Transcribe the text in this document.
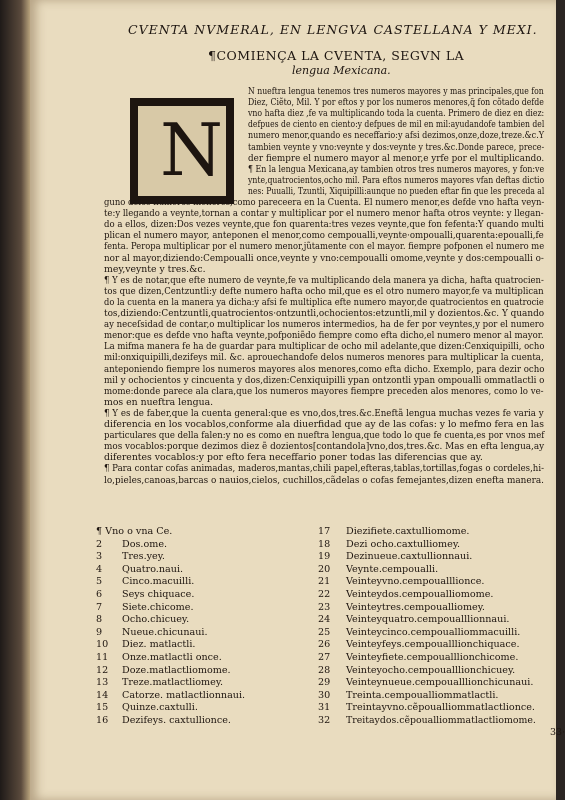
CVENTA NVMERAL, EN LENGVA CASTELLANA Y MEXI.
¶COMIENÇA LA CVENTA, SEGVN LA
lengua Mexicana.
N
N nueftra lengua tenemos tres numeros mayores y mas principales,que fon
Diez, Ciẽto, Mil. Y por eftos y por los numeros menores,q̃ fon cõtado defde
vno hafta diez ,fe va multiplicando toda la cuenta. Primero de diez en diez:
defpues de ciento en ciento:y defpues de mil en mil:ayudandofe tambien del
numero menor,quando es neceffario:y afsi dezimos,onze,doze,treze.&c.Y
tambien veynte y vno:veynte y dos:veynte y tres.&c.Donde parece, prece-
der fiempre el numero mayor al menor,e yrfe por el multiplicando.
¶ En la lengua Mexicana,ay tambien otros tres numeros mayores, y fon:ve
ynte,quatrocientos,ocho mil. Para eftos numeros mayores vfan deftas dictio
nes: Puualli, Tzuntli, Xiquipilli:aunque no pueden eftar fin que les preceda al
guno delos numeros menores,como pareceera en la Cuenta. El numero menor,es defde vno hafta veyn-
te:y llegando a veynte,tornan a contar y multiplicar por el numero menor hafta otros veynte: y llegan-
do a ellos, dizen:Dos vezes veynte,que fon quarenta:tres vezes veynte,que fon fefenta:Y quando multi
plican el numero mayor, anteponen el menor,como cempoualli,veynte·ompoualli,quarenta:epoualli,fe
fenta. Peropa multiplicar por el numero menor,jũtamente con el mayor. fiempre pofponen el numero me
nor al mayor,diziendo:Cempoualli once,veynte y vno:cempoualli omome,veynte y dos:cempoualli o-
mey,veynte y tres.&c.
¶ Y es de notar,que efte numero de veynte,fe va multiplicando dela manera ya dicha, hafta quatrocien-
tos que dizen,Centzuntli:y defte numero hafta ocho mil,que es el otro numero mayor,fe va multiplican
do la cuenta en la manera ya dicha:y afsi fe multiplica efte numero mayor,de quatrocientos en quatrocie
tos,diziendo:Centzuntli,quatrocientos·ontzuntli,ochocientos:etzuntli,mil y dozientos.&c. Y quando
ay neceſsidad de contar,o multiplicar los numeros intermedios, ha de fer por veyntes,y por el numero
menor:que es defde vno hafta veynte,pofponiẽdo fiempre como efta dicho,el numero menor al mayor.
La mifma manera fe ha de guardar para multiplicar de ocho mil adelante,que dizen:Cenxiquipilli, ocho
mil:onxiquipilli,dezifeys mil. &c. aprouechandofe delos numeros menores para multiplicar la cuenta,
anteponiendo fiempre los numeros mayores alos menores,como efta dicho. Exemplo, para dezir ocho
mil y ochocientos y cincuenta y dos,dizen:Cenxiquipilli ypan ontzontli ypan ompoualli ommatlactli o
mome:donde parece ala clara,que los numeros mayores fiempre preceden alos menores, como lo ve-
mos en nueftra lengua.
¶ Y es de faber,que la cuenta general:que es vno,dos,tres.&c.Eneftã lengua muchas vezes fe varia y
diferencia en los vocablos,conforme ala diuerfidad que ay de las cofas: y lo mefmo fera en las
particulares que della falen:y no es como en nueftra lengua,que todo lo que fe cuenta,es por vnos mef
mos vocablos:porque dezimos diez ẽ dozientos[contandola]vno,dos,tres.&c. Mas en efta lengua,ay
diferentes vocablos:y por efto fera neceffario poner todas las diferencias que ay.
¶ Para contar cofas animadas, maderos,mantas,chili papel,efteras,tablas,tortillas,fogas o cordeles,hi-
lo,pieles,canoas,barcas o nauios,cielos, cuchillos,cãdelas o cofas femejantes,dizen enefta manera.
¶ Vno o vna Ce.
2 Dos.ome.
3 Tres.yey.
4 Quatro.naui.
5 Cinco.macuilli.
6 Seys chiquace.
7 Siete.chicome.
8 Ocho.chicuey.
9 Nueue.chicunaui.
10 Diez. matlactli.
11 Onze.matlactli once.
12 Doze.matlactliomome.
13 Treze.matlactliomey.
14 Catorze. matlactlionnaui.
15 Quinze.caxtulli.
16 Dezifeys. caxtullionce.
17 Diezifiete.caxtulliomome.
18 Dezi ocho.caxtulliomey.
19 Dezinueue.caxtullionnaui.
20 Veynte.cempoualli.
21 Veinteyvno.cempoualllionce.
22 Veinteydos.cempoualliomome.
23 Veinteytres.cempoualliomey.
24 Veinteyquatro.cempoualllionnaui.
25 Veinteycinco.cempoualliommacuilli.
26 Veinteyfeys.cempoualllionchiquace.
27 Veinteyfiete.cempoualllionchicome.
28 Veinteyocho.cempoualllionchicuey.
29 Veinteynueue.cempoualllionchicunaui.
30 Treinta.cempoualliommatlactli.
31 Treintayvno.cẽpoualliommatlactlionce.
32 Treitaydos.cẽpoualliommatlactliomome.
33·
